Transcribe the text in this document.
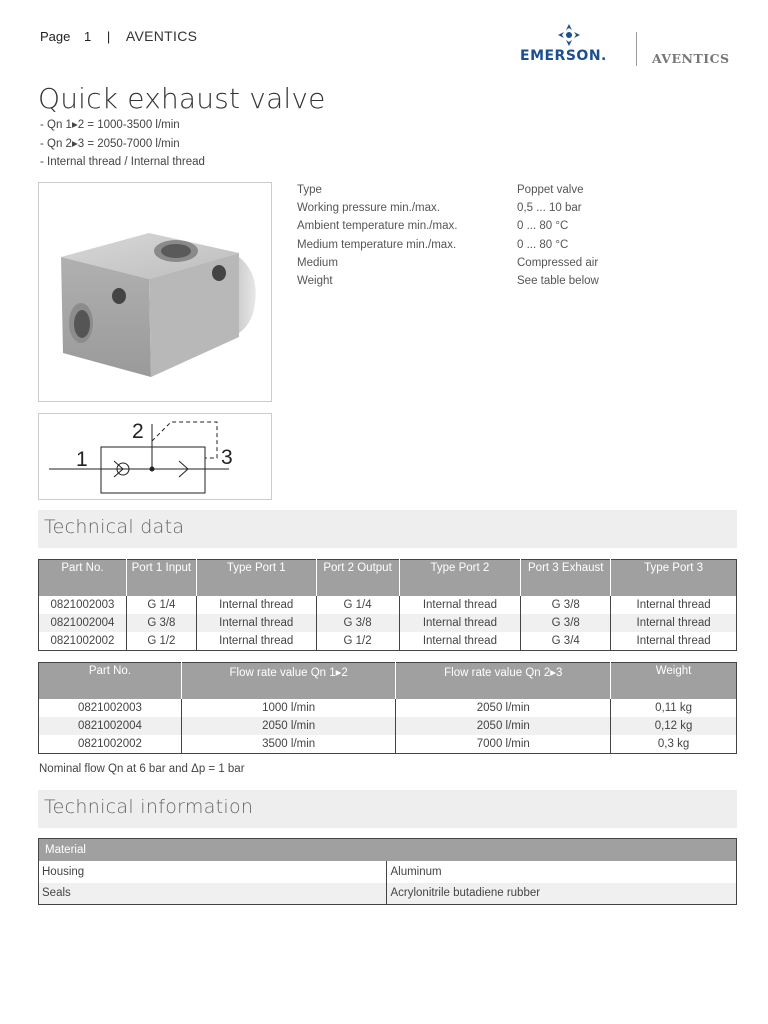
Page 1 | AVENTICS
EMERSON.	AVENTICS
Quick exhaust valve
- Qn 1▸2 = 1000-3500 l/min
- Qn 2▸3 = 2050-7000 l/min
- Internal thread / Internal thread
2
1	3
Type	Poppet valve
Working pressure min./max.	0,5 ... 10 bar
Ambient temperature min./max.	0 ... 80 °C
Medium temperature min./max.	0 ... 80 °C
Medium	Compressed air
Weight	See table below
Technical data
Part No.	Port 1 Input	Type Port 1	Port 2 Output	Type Port 2	Port 3 Exhaust	Type Port 3
0821002003	G 1/4	Internal thread	G 1/4	Internal thread	G 3/8	Internal thread
0821002004	G 3/8	Internal thread	G 3/8	Internal thread	G 3/8	Internal thread
0821002002	G 1/2	Internal thread	G 1/2	Internal thread	G 3/4	Internal thread
Part No.	Flow rate value Qn 1▸2	Flow rate value Qn 2▸3	Weight
0821002003	1000 l/min	2050 l/min	0,11 kg
0821002004	2050 l/min	2050 l/min	0,12 kg
0821002002	3500 l/min	7000 l/min	0,3 kg
Nominal flow Qn at 6 bar and Δp = 1 bar
Technical information
Material	
Housing	Aluminum
Seals	Acrylonitrile butadiene rubber
